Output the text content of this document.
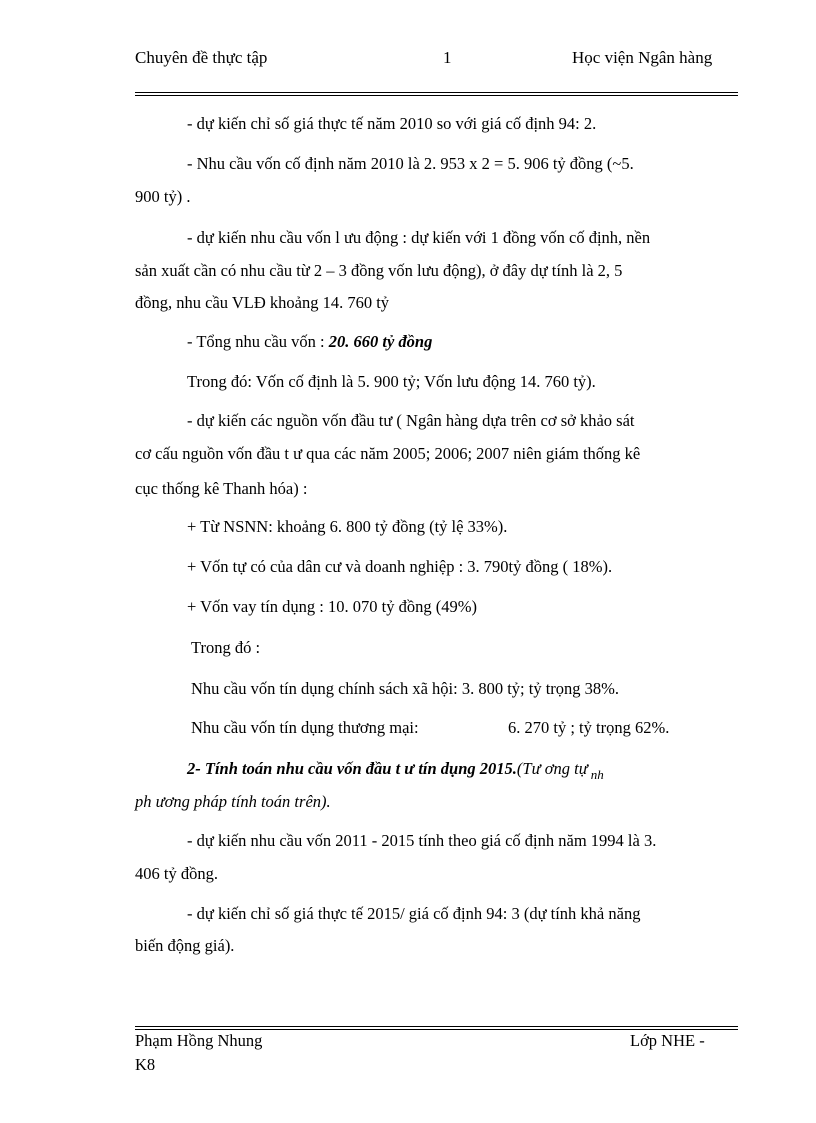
Chuyên đề thực tập	1	Học viện Ngân hàng
- dự kiến chỉ số giá thực tế năm 2010 so với giá cố định 94: 2.
- Nhu cầu vốn cố định năm 2010 là 2. 953 x 2 = 5. 906 tỷ đồng (~5.
900 tỷ) .
- dự kiến nhu cầu vốn l ưu động : dự kiến với 1 đồng vốn cố định, nền
sản xuất cần có nhu cầu từ 2 – 3 đồng vốn lưu động), ở đây dự tính là 2, 5
đồng, nhu cầu VLĐ khoảng 14. 760 tỷ
- Tổng nhu cầu vốn : 20. 660 tỷ đồng
Trong đó: Vốn cố định là 5. 900 tỷ; Vốn lưu động 14. 760 tỷ).
- dự kiến các nguồn vốn đầu tư ( Ngân hàng dựa trên cơ sở khảo sát
cơ cấu nguồn vốn đầu t ư qua các năm 2005; 2006; 2007 niên giám thống kê
cục thống kê Thanh hóa) :
+ Từ NSNN: khoảng 6. 800 tỷ đồng (tỷ lệ 33%).
+ Vốn tự có của dân cư và doanh nghiệp : 3. 790tỷ đồng ( 18%).
+ Vốn vay tín dụng : 10. 070 tỷ đồng (49%)
Trong đó :
Nhu cầu vốn tín dụng chính sách xã hội: 3. 800 tỷ; tỷ trọng 38%.
Nhu cầu vốn tín dụng thương mại:	6. 270 tỷ ; tỷ trọng 62%.
2- Tính toán nhu cầu vốn đầu t ư tín dụng 2015.(Tư ơng tự $_{nh}$
ph ương pháp tính toán trên).
- dự kiến nhu cầu vốn 2011 - 2015 tính theo giá cố định năm 1994 là 3.
406 tỷ đồng.
- dự kiến chỉ số giá thực tế 2015/ giá cố định 94: 3 (dự tính khả năng
biến động giá).
Phạm Hồng Nhung	Lớp NHE -
K8
